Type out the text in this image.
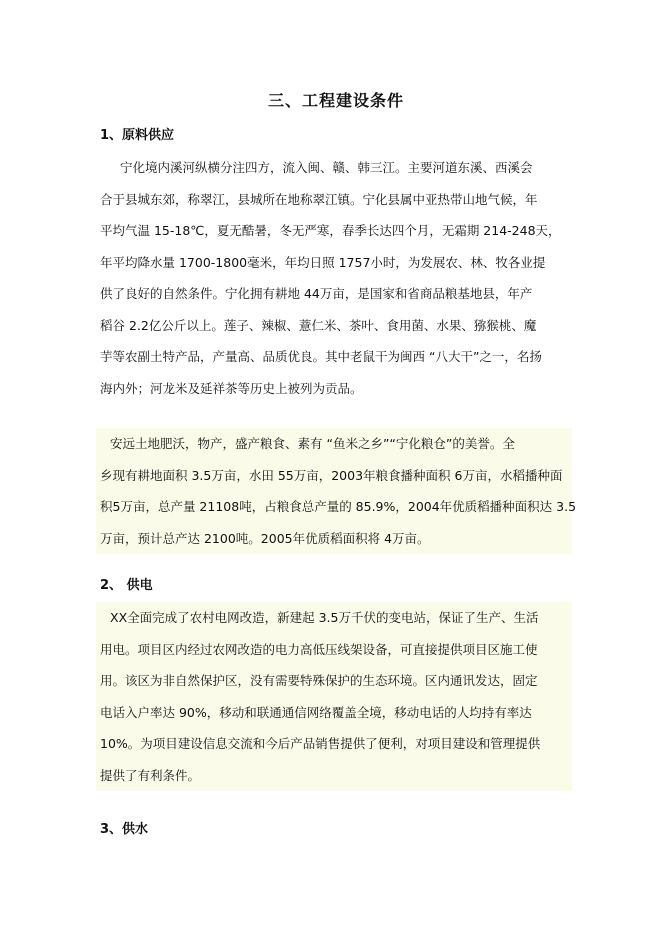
三、工程建设条件
1、原料供应
宁化境内溪河纵横分注四方，流入闽、赣、韩三江。主要河道东溪、西溪会
合于县城东郊，称翠江，县城所在地称翠江镇。宁化县属中亚热带山地气候，年
平均气温 15-18℃，夏无酷暑，冬无严寒，春季长达四个月，无霜期 214-248天，
年平均降水量 1700-1800毫米，年均日照 1757小时，为发展农、林、牧各业提
供了良好的自然条件。宁化拥有耕地 44万亩，是国家和省商品粮基地县，年产
稻谷 2.2亿公斤以上。莲子、辣椒、薏仁米、茶叶、食用菌、水果、猕猴桃、魔
芋等农副土特产品，产量高、品质优良。其中老鼠干为闽西 “八大干”之一，名扬
海内外；河龙米及延祥茶等历史上被列为贡品。
安远土地肥沃，物产，盛产粮食、素有 “鱼米之乡”“宁化粮仓”的美誉。全
乡现有耕地面积 3.5万亩，水田 55万亩，2003年粮食播种面积 6万亩，水稻播种面
积5万亩，总产量 21108吨，占粮食总产量的 85.9%，2004年优质稻播种面积达 3.5
万亩，预计总产达 2100吨。2005年优质稻面积将 4万亩。
2、 供电
XX全面完成了农村电网改造，新建起 3.5万千伏的变电站，保证了生产、生活
用电。项目区内经过农网改造的电力高低压线架设备，可直接提供项目区施工使
用。该区为非自然保护区，没有需要特殊保护的生态环境。区内通讯发达，固定
电话入户率达 90%，移动和联通通信网络覆盖全境，移动电话的人均持有率达
10%。为项目建设信息交流和今后产品销售提供了便利，对项目建设和管理提供
提供了有利条件。
3、供水
